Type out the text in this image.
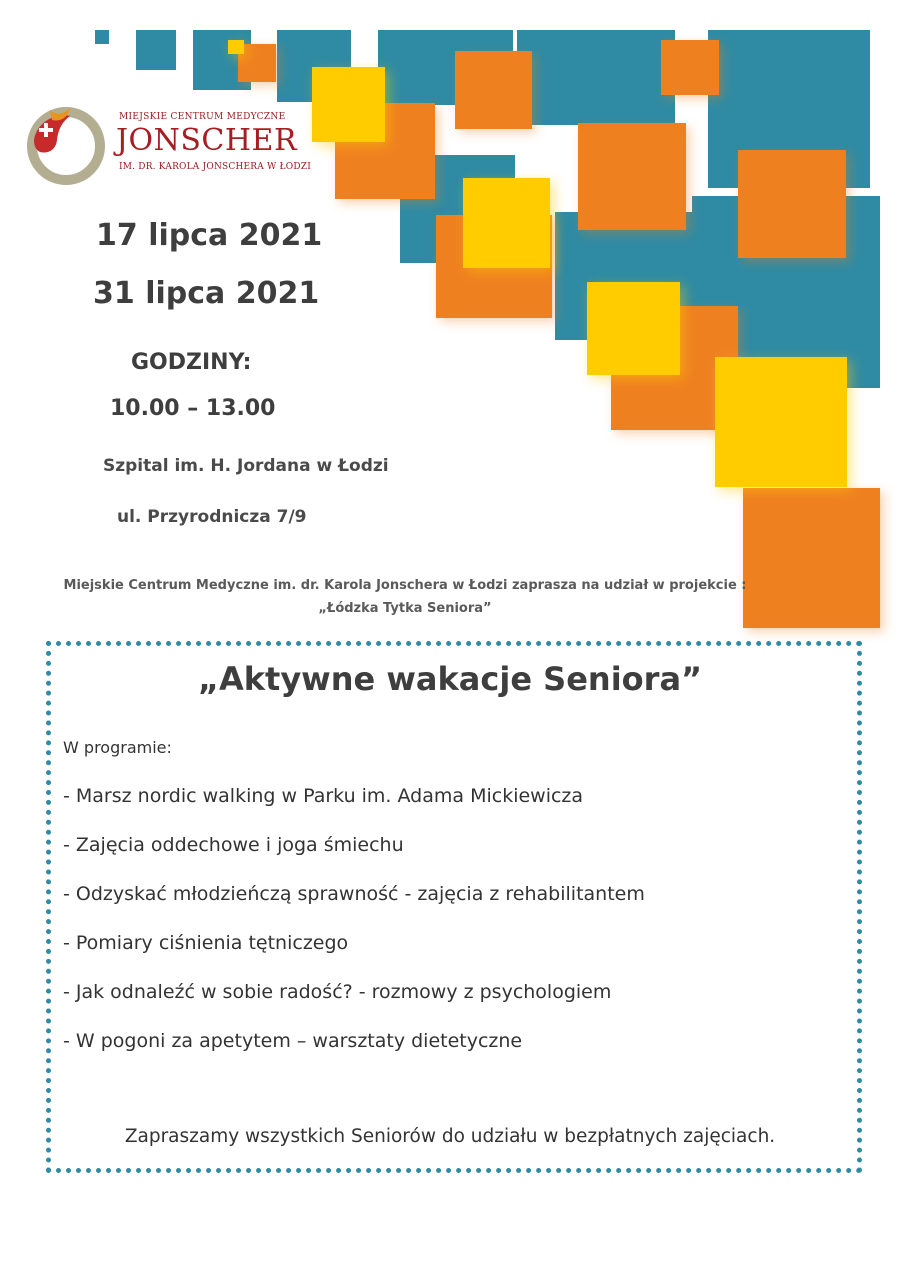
MIEJSKIE CENTRUM MEDYCZNE
JONSCHER
IM. DR. KAROLA JONSCHERA W ŁODZI
17 lipca 2021
31 lipca 2021
GODZINY:
10.00 – 13.00
Szpital im. H. Jordana w Łodzi
ul. Przyrodnicza 7/9
Miejskie Centrum Medyczne im. dr. Karola Jonschera w Łodzi zaprasza na udział w projekcie :
„Łódzka Tytka Seniora”
„Aktywne wakacje Seniora”
W programie:
- Marsz nordic walking w Parku im. Adama Mickiewicza
- Zajęcia oddechowe i joga śmiechu
- Odzyskać młodzieńczą sprawność - zajęcia z rehabilitantem
- Pomiary ciśnienia tętniczego
- Jak odnaleźć w sobie radość? - rozmowy z psychologiem
- W pogoni za apetytem – warsztaty dietetyczne
Zapraszamy wszystkich Seniorów do udziału w bezpłatnych zajęciach.
